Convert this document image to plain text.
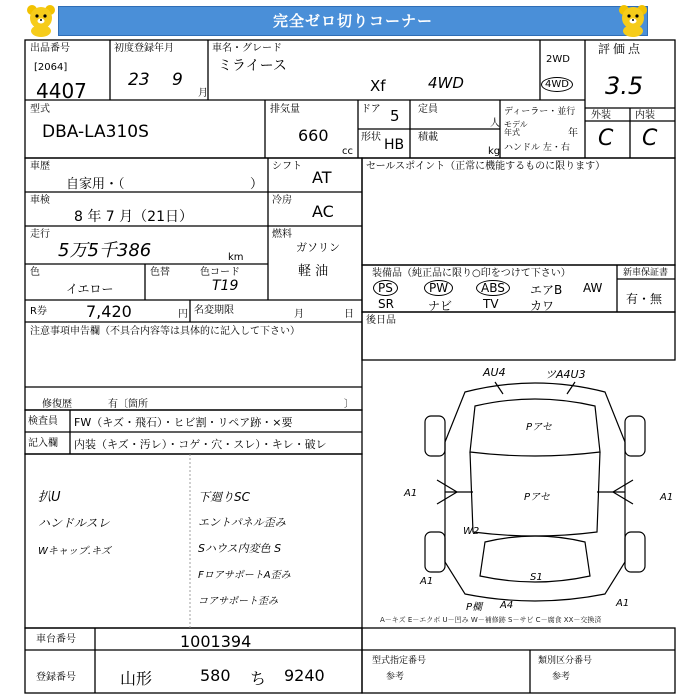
完全ゼロ切りコーナー
出品番号
[2064]
4407
初度登録年月
23 9
月
車名・グレード
ミライース
Xf	4WD
2WD
4WD
評価点
3.5
型式
DBA-LA310S
排気量
660
cc
ドア 5 定員
人
形状 HB 積載
kg
ディーラー・並行
モデル
年式	年
ハンドル 左・右
外装 内装
C C
車歴
自家用・（	）
シフト
AT
セールスポイント（正常に機能するものに限ります）
車検
8 年 7 月（21日）
冷房
AC
走行
5万5千386	km
燃料
ガソリン
軽 油
色
イエロー
色替	色コード
T19
R券 7,420	円 名変期限	月	日
注意事項申告欄（不具合内容等は具体的に記入して下さい）
修復歴	有〔箇所	〕
装備品（純正品に限り○印をつけて下さい）	新車保証書
有・無
PS	PW	ABS	エアB AW
SR	ナビ	TV	カワ
後日品
検査員 FW（キズ・飛石）・ヒビ割・リペア跡・×要
記入欄 内装（キズ・汚レ）・コゲ・穴・スレ）・キレ・破レ
扒U
ハンドルスレ
Wキャップ.キズ
下廻りSC
エントパネル歪み
Sハウス内変色 S
FロアサポートA歪み
コアサポート歪み
車台番号	1001394
登録番号	山形	580 ち 9240
A－キズ E－エクボ U－凹み W－補修跡 S－サビ C－腐食 XX－交換済
型式指定番号
参考
類別区分番号
参考
AU4	ツA4U3
Pアセ
Pアセ
A1	A1
W2
A1	S1
P欄 A4	A1
